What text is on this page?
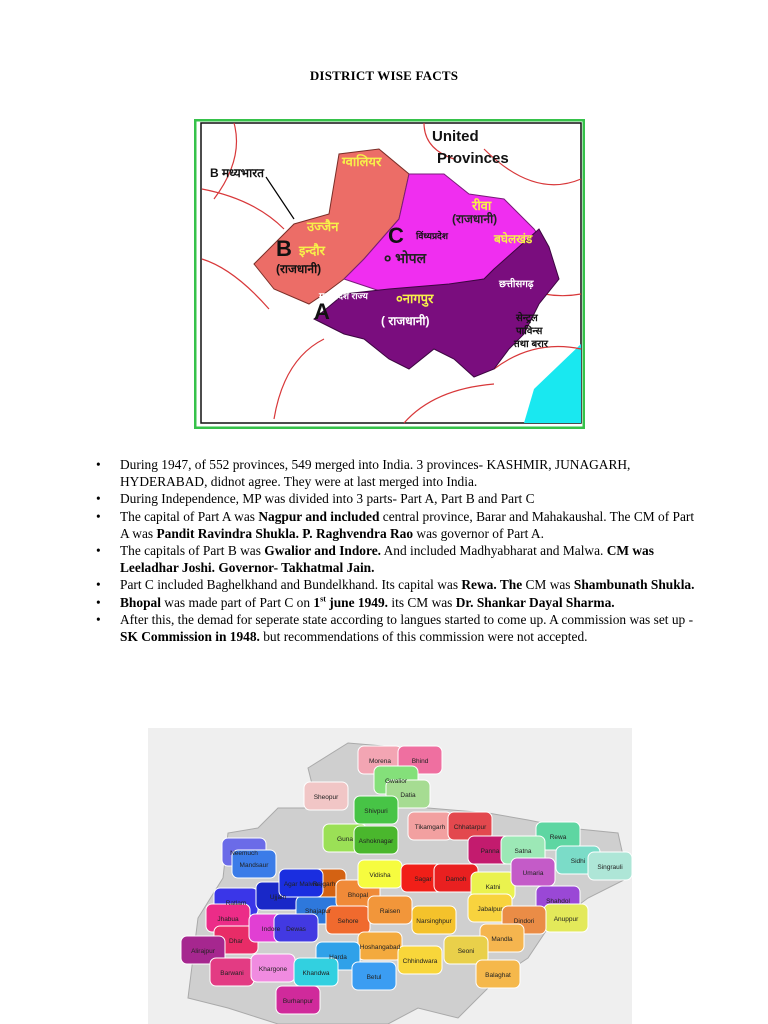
DISTRICT WISE FACTS
United
Provinces
B मध्यभारत
ग्वालियर
रीवा
(राजधानी)
उज्जैन
B इन्दौर
(राजधानी)
C विंध्यप्रदेश	बघेलखंड
० भोपल
छत्तीसगढ़
मध्यप्रदेश राज्य ०नागपुर
A	( राजधानी)	सेन्ट्रल
पाविन्स
तथा बरार
• During 1947, of 552 provinces, 549 merged into India. 3 provinces- KASHMIR, JUNAGARH, HYDERABAD, didnot agree. They were at last merged into India.
• During Independence, MP was divided into 3 parts- Part A, Part B and Part C
• The capital of Part A was Nagpur and included central province, Barar and Mahakaushal. The CM of Part A was Pandit Ravindra Shukla. P. Raghvendra Rao was governor of Part A.
• The capitals of Part B was Gwalior and Indore. And included Madhyabharat and Malwa. CM was Leeladhar Joshi. Governor- Takhatmal Jain.
• Part C included Baghelkhand and Bundelkhand. Its capital was Rewa. The CM was Shambunath Shukla.
• Bhopal was made part of Part C on 1st june 1949. its CM was Dr. Shankar Dayal Sharma.
• After this, the demad for seperate state according to langues started to come up. A commission was set up - SK Commission in 1948. but recommendations of this commission were not accepted.
Morena	Bhind
Gwalior
Sheopur	Datia
Shivpuri
Tikamgarh Chhatarpur
Panna
Rewa
Satna
Sidhi
Singrauli
Guna Ashoknagar
Neemuch
Mandsaur
Ratlam
Ujjain
Shajapur
Rajgarh
Agar Malwa
Bhopal
Vidisha
Sagar Damoh
Katni
Umaria
Shahdol
Anuppur
Jabalpur
Dindori
Sehore
Raisen
Narsinghpur
Mandla
Jhabua
Dhar
Indore Dewas
Hoshangabad
Harda
Chhindwara
Seoni
Balaghat
Alirajpur
Barwani
Khargone
Khandwa
Betul
Burhanpur
